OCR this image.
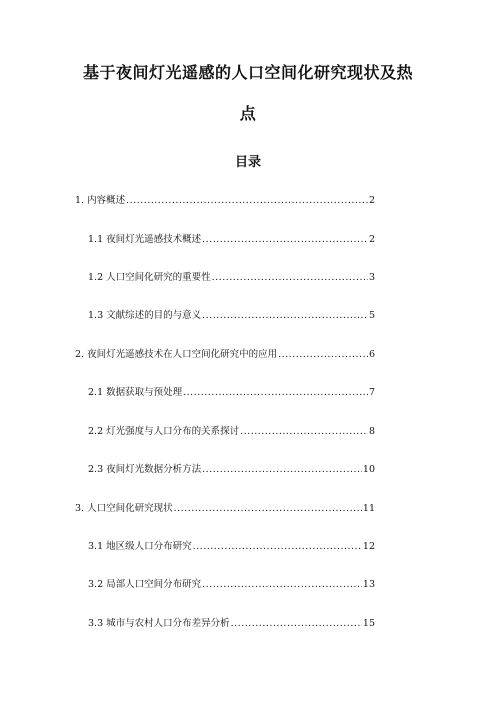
基于夜间灯光遥感的人口空间化研究现状及热
点
目录
1. 内容概述 .....	2
1.1 夜间灯光遥感技术概述 .....	2
1.2 人口空间化研究的重要性 .....	3
1.3 文献综述的目的与意义 .....	5
2. 夜间灯光遥感技术在人口空间化研究中的应用 .....	6
2.1 数据获取与预处理 .....	7
2.2 灯光强度与人口分布的关系探讨 .....	8
2.3 夜间灯光数据分析方法 .....	10
3. 人口空间化研究现状 .....	11
3.1 地区级人口分布研究 .....	12
3.2 局部人口空间分布研究 .....	13
3.3 城市与农村人口分布差异分析 .....	15
